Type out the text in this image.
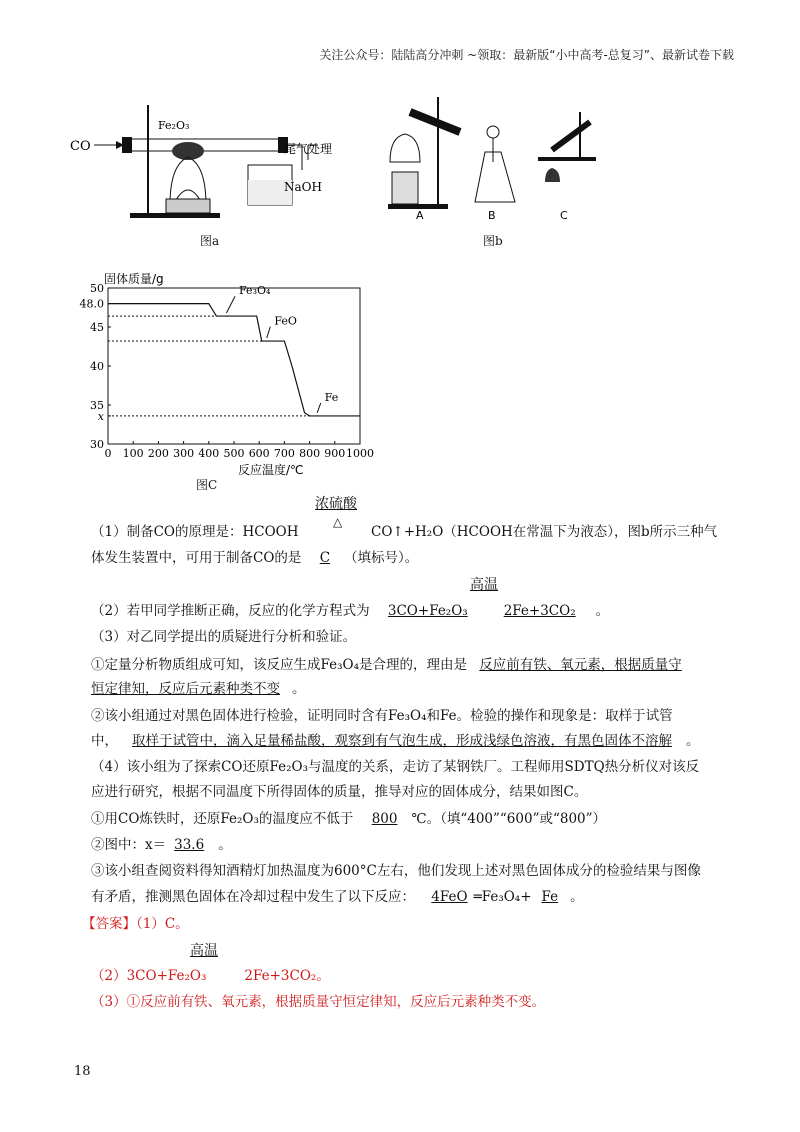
关注公众号：陆陆高分冲刺 ~领取：最新版“小中高考-总复习”、最新试卷下载
CO
Fe₂O₃
NaOH
尾气处理
图a
A	B	C
图b
固体质量/g
反应温度/℃
0 100 200 300 400 500 600 700 800 900 1000
30
x
35
40
45
48.0
50	Fe₃O₄
FeO
Fe
图C
浓硫酸
（1）制备CO的原理是：HCOOH
△
CO↑+H₂O（HCOOH在常温下为液态），图b所示三种气
体发生装置中，可用于制备CO的是 C （填标号）。
高温
（2）若甲同学推断正确，反应的化学方程式为 3CO+Fe₂O₃	2Fe+3CO₂ 。
（3）对乙同学提出的质疑进行分析和验证。
①定量分析物质组成可知，该反应生成Fe₃O₄是合理的，理由是 反应前有铁、氧元素，根据质量守
恒定律知，反应后元素种类不变 。
②该小组通过对黑色固体进行检验，证明同时含有Fe₃O₄和Fe。检验的操作和现象是：取样于试管
中， 取样于试管中，滴入足量稀盐酸，观察到有气泡生成，形成浅绿色溶液，有黑色固体不溶解 。
（4）该小组为了探索CO还原Fe₂O₃与温度的关系，走访了某钢铁厂。工程师用SDTQ热分析仪对该反
应进行研究，根据不同温度下所得固体的质量，推导对应的固体成分，结果如图C。
①用CO炼铁时，还原Fe₂O₃的温度应不低于 800 ℃。（填“400”“600”或“800”）
②图中：x＝ 33.6 。
③该小组查阅资料得知酒精灯加热温度为600°C左右，他们发现上述对黑色固体成分的检验结果与图像
有矛盾，推测黑色固体在冷却过程中发生了以下反应： 4FeO ═Fe₃O₄+ Fe 。
【答案】（1）C。
高温
（2）3CO+Fe₂O₃	2Fe+3CO₂。
（3）①反应前有铁、氧元素，根据质量守恒定律知，反应后元素种类不变。
18
